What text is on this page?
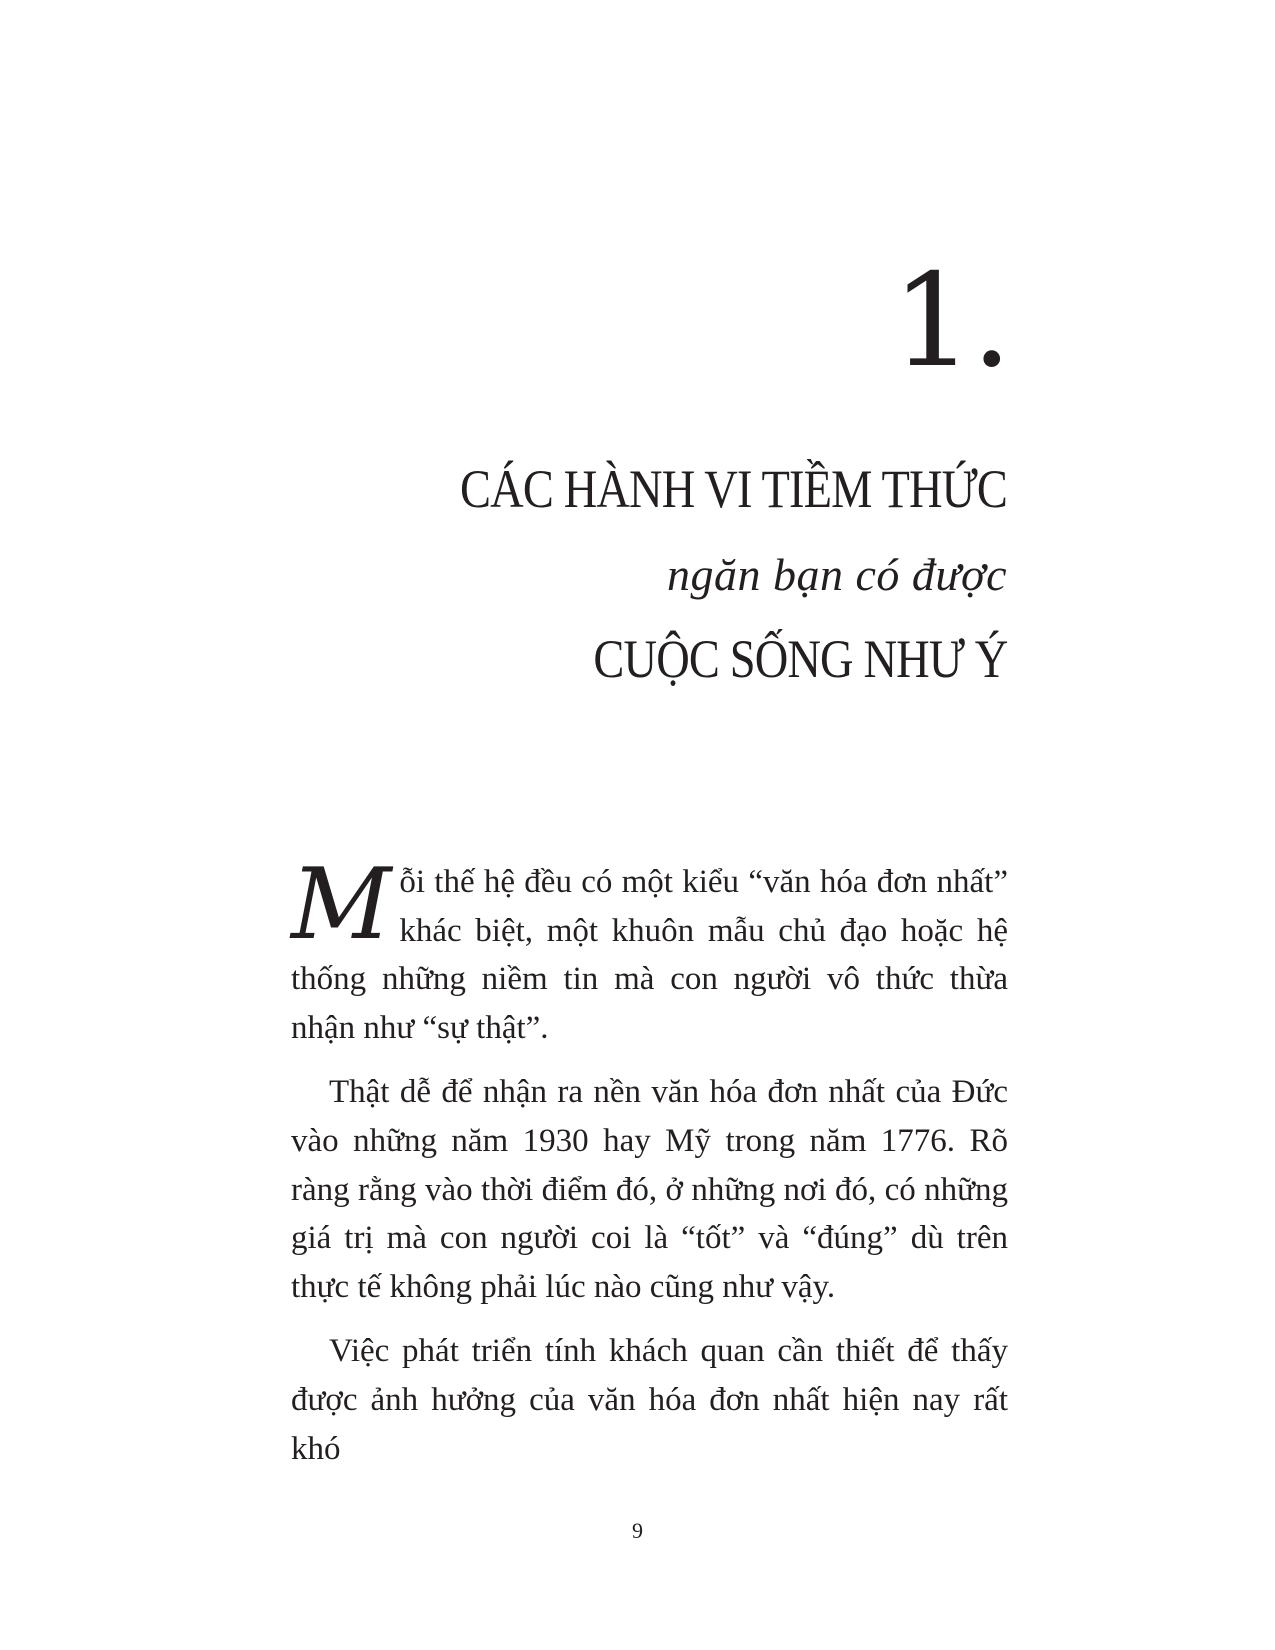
1.
CÁC HÀNH VI TIỀM THỨC
ngăn bạn có được
CUỘC SỐNG NHƯ Ý

Mỗi thế hệ đều có một kiểu “văn hóa đơn nhất” khác biệt, một khuôn mẫu chủ đạo hoặc hệ thống những niềm tin mà con người vô thức thừa nhận như “sự thật”.

Thật dễ để nhận ra nền văn hóa đơn nhất của Đức vào những năm 1930 hay Mỹ trong năm 1776. Rõ ràng rằng vào thời điểm đó, ở những nơi đó, có những giá trị mà con người coi là “tốt” và “đúng” dù trên thực tế không phải lúc nào cũng như vậy.

Việc phát triển tính khách quan cần thiết để thấy được ảnh hưởng của văn hóa đơn nhất hiện nay rất khó

9
